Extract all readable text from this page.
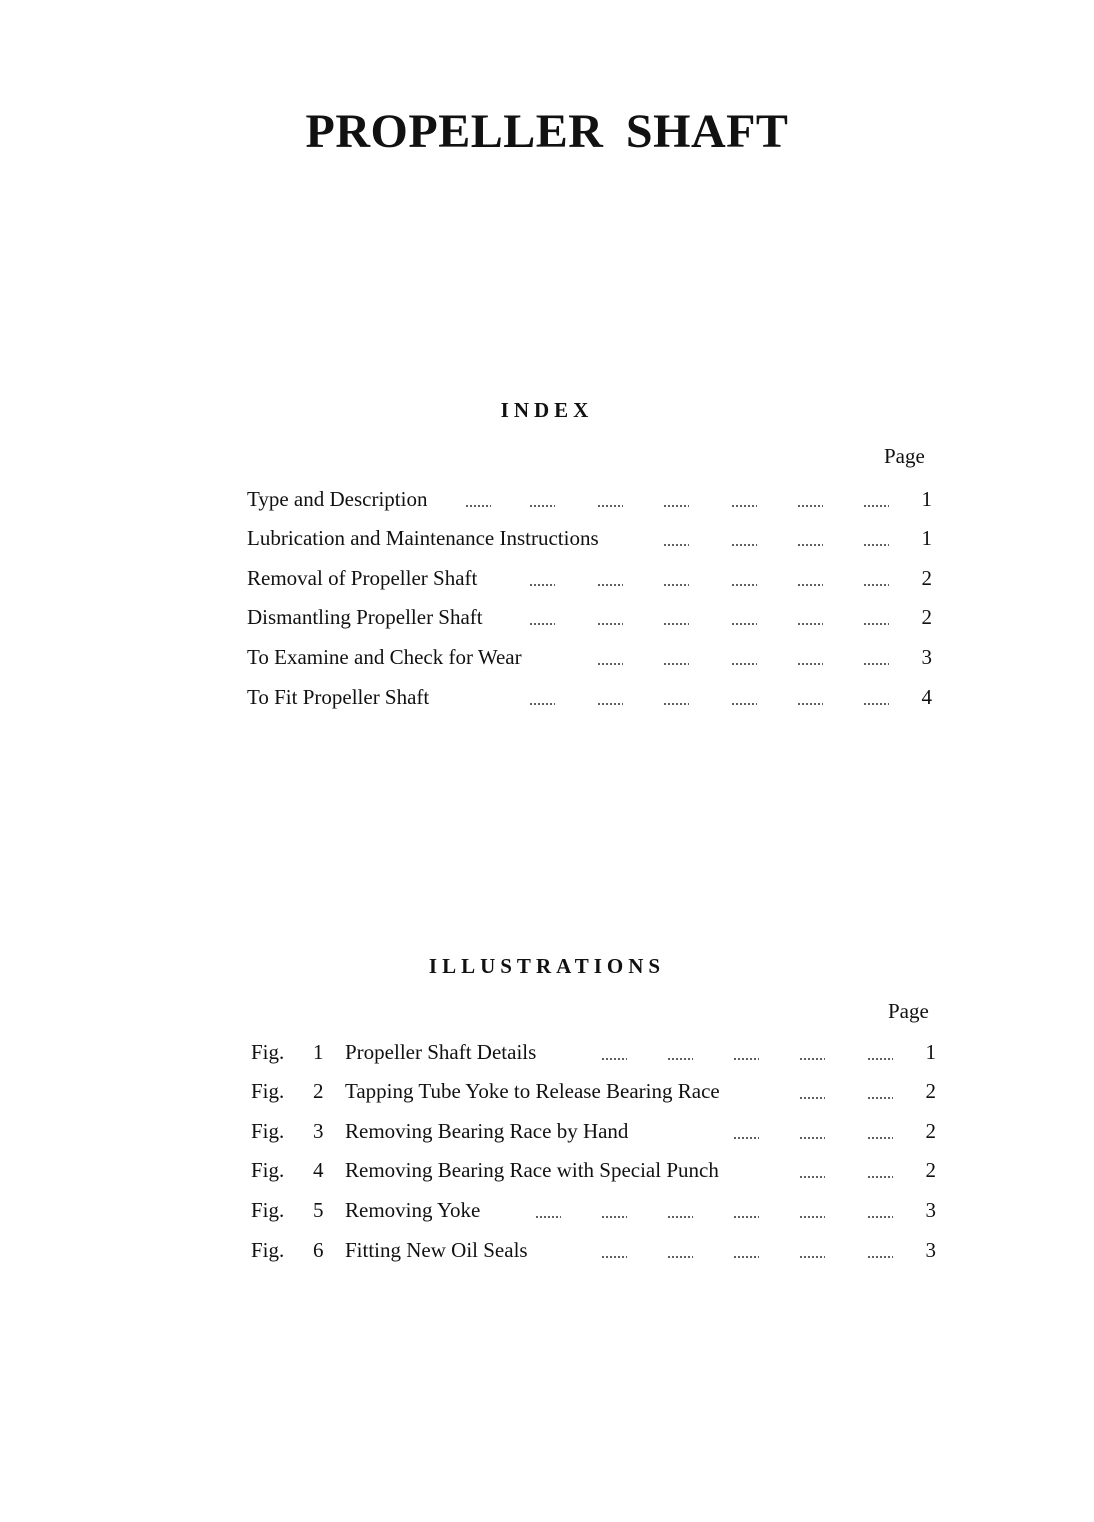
PROPELLER SHAFT
INDEX
Page
Type and Description	1
Lubrication and Maintenance Instructions	1
Removal of Propeller Shaft	2
Dismantling Propeller Shaft	2
To Examine and Check for Wear	3
To Fit Propeller Shaft	4
ILLUSTRATIONS
Page
Fig. 1 Propeller Shaft Details	1
Fig. 2 Tapping Tube Yoke to Release Bearing Race	2
Fig. 3 Removing Bearing Race by Hand	2
Fig. 4 Removing Bearing Race with Special Punch	2
Fig. 5 Removing Yoke	3
Fig. 6 Fitting New Oil Seals	3
